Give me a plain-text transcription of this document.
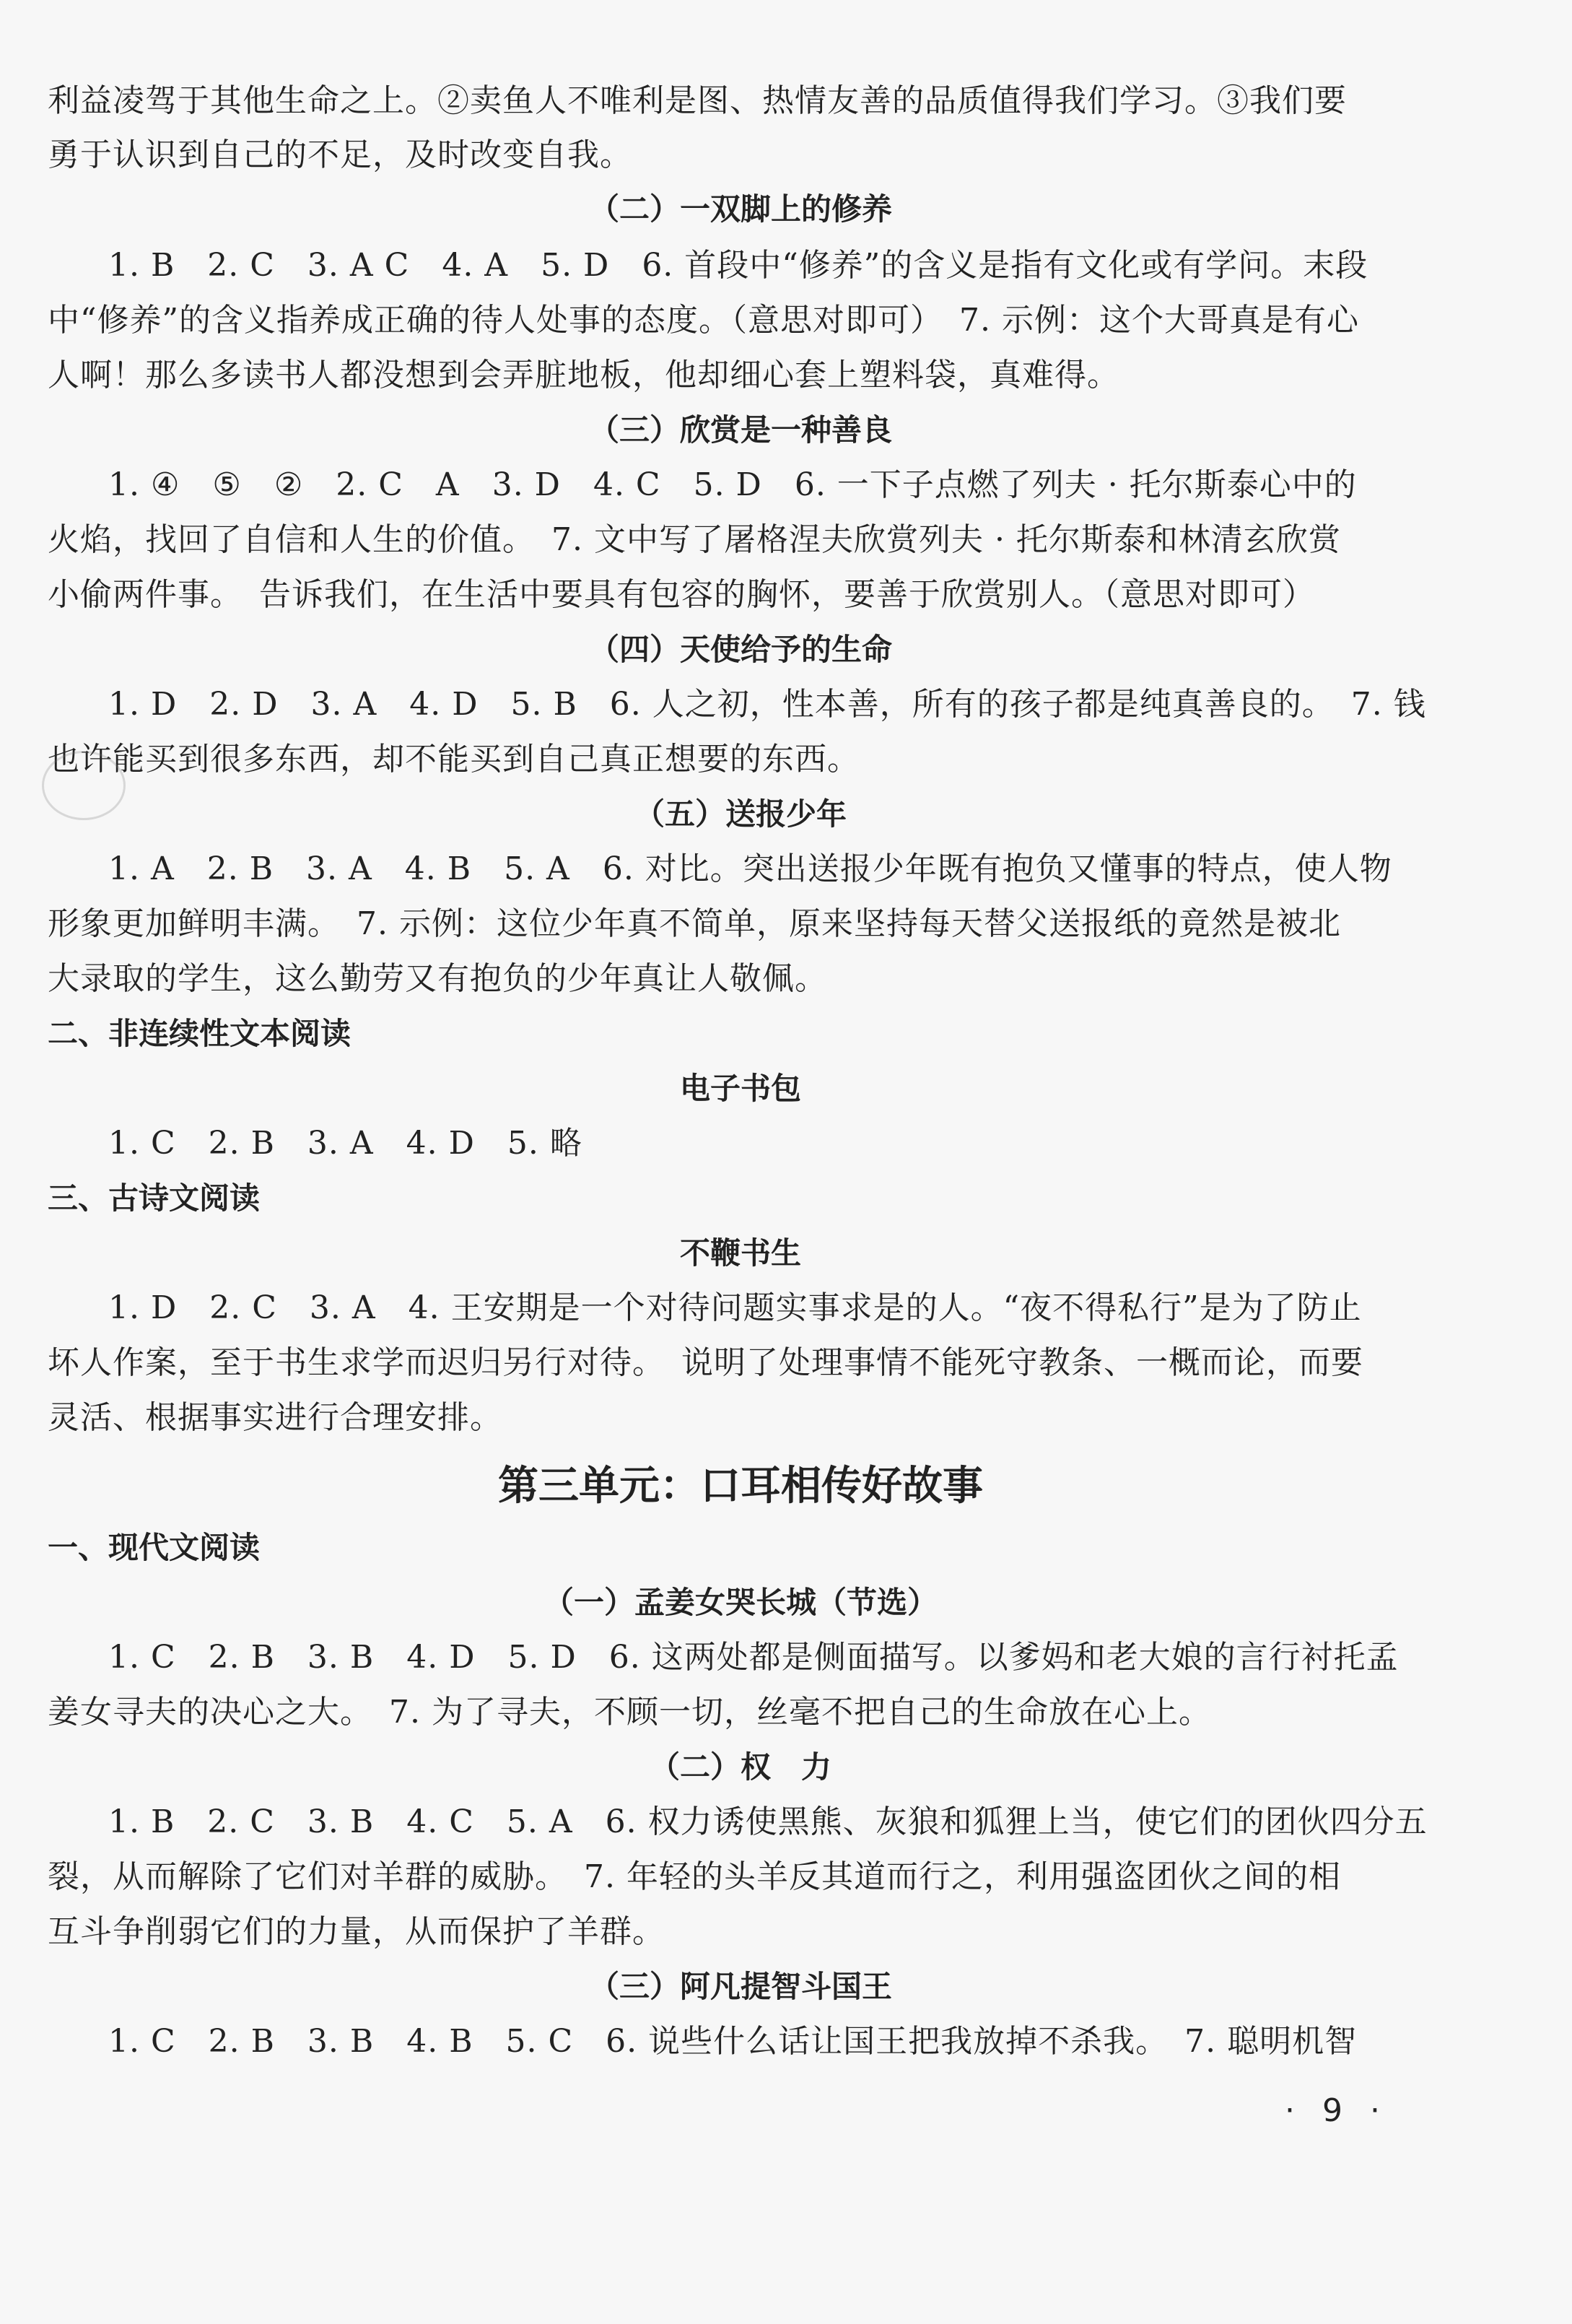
利益凌驾于其他生命之上。②卖鱼人不唯利是图、热情友善的品质值得我们学习。③我们要
勇于认识到自己的不足，及时改变自我。
（二）一双脚上的修养
1. B　2. C　3. A C　4. A　5. D　6. 首段中“修养”的含义是指有文化或有学问。末段
中“修养”的含义指养成正确的待人处事的态度。（意思对即可）　7. 示例：这个大哥真是有心
人啊！那么多读书人都没想到会弄脏地板，他却细心套上塑料袋，真难得。
（三）欣赏是一种善良
1. ④　⑤　②　2. C　A　3. D　4. C　5. D　6. 一下子点燃了列夫 · 托尔斯泰心中的
火焰，找回了自信和人生的价值。　7. 文中写了屠格涅夫欣赏列夫 · 托尔斯泰和林清玄欣赏
小偷两件事。　告诉我们，在生活中要具有包容的胸怀，要善于欣赏别人。（意思对即可）
（四）天使给予的生命
1. D　2. D　3. A　4. D　5. B　6. 人之初，性本善，所有的孩子都是纯真善良的。　7. 钱
也许能买到很多东西，却不能买到自己真正想要的东西。
（五）送报少年
1. A　2. B　3. A　4. B　5. A　6. 对比。突出送报少年既有抱负又懂事的特点，使人物
形象更加鲜明丰满。　7. 示例：这位少年真不简单，原来坚持每天替父送报纸的竟然是被北
大录取的学生，这么勤劳又有抱负的少年真让人敬佩。
二、非连续性文本阅读
电子书包
1. C　2. B　3. A　4. D　5. 略
三、古诗文阅读
不鞭书生
1. D　2. C　3. A　4. 王安期是一个对待问题实事求是的人。“夜不得私行”是为了防止
坏人作案，至于书生求学而迟归另行对待。　说明了处理事情不能死守教条、一概而论，而要
灵活、根据事实进行合理安排。
第三单元：口耳相传好故事
一、现代文阅读
（一）孟姜女哭长城（节选）
1. C　2. B　3. B　4. D　5. D　6. 这两处都是侧面描写。以爹妈和老大娘的言行衬托孟
姜女寻夫的决心之大。　7. 为了寻夫，不顾一切，丝毫不把自己的生命放在心上。
（二）权　力
1. B　2. C　3. B　4. C　5. A　6. 权力诱使黑熊、灰狼和狐狸上当，使它们的团伙四分五
裂，从而解除了它们对羊群的威胁。　7. 年轻的头羊反其道而行之，利用强盗团伙之间的相
互斗争削弱它们的力量，从而保护了羊群。
（三）阿凡提智斗国王
1. C　2. B　3. B　4. B　5. C　6. 说些什么话让国王把我放掉不杀我。　7. 聪明机智
· 9 ·
